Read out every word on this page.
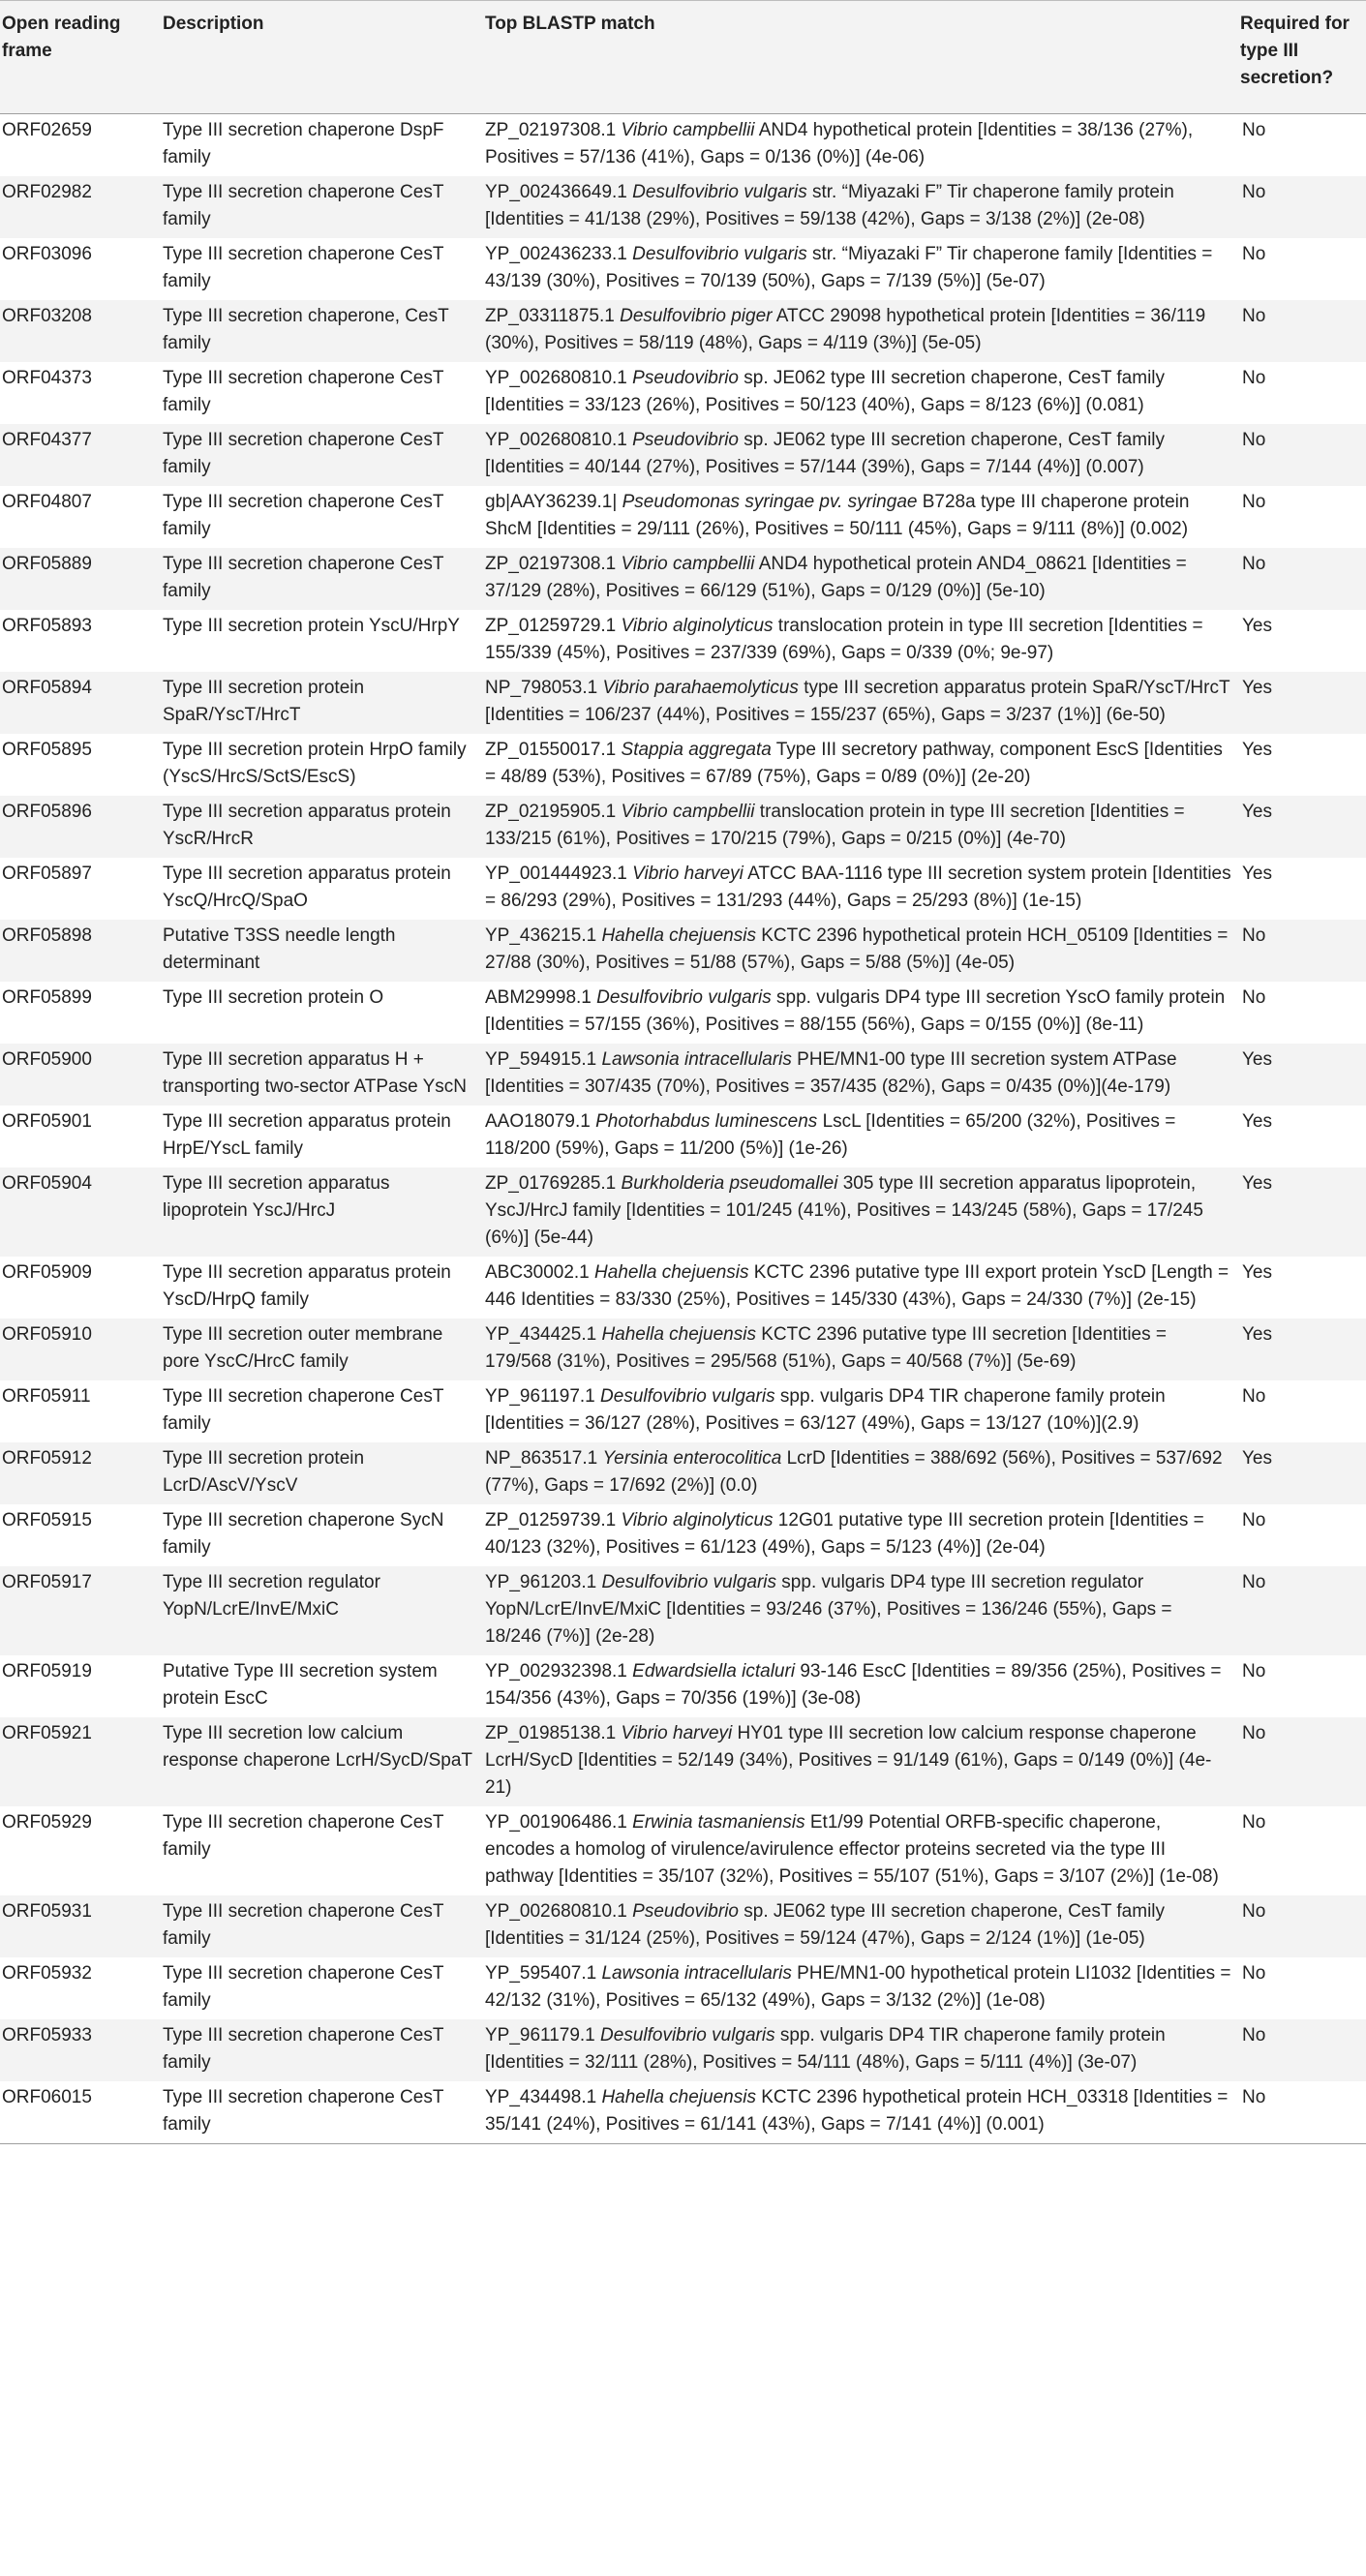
Open reading frame	Description	Top BLASTP match	Required for type III secretion?
ORF02659	Type III secretion chaperone DspF family	ZP_02197308.1 Vibrio campbellii AND4 hypothetical protein [Identities = 38/136 (27%), Positives = 57/136 (41%), Gaps = 0/136 (0%)] (4e-06)	No
ORF02982	Type III secretion chaperone CesT family	YP_002436649.1 Desulfovibrio vulgaris str. “Miyazaki F” Tir chaperone family protein [Identities = 41/138 (29%), Positives = 59/138 (42%), Gaps = 3/138 (2%)] (2e-08)	No
ORF03096	Type III secretion chaperone CesT family	YP_002436233.1 Desulfovibrio vulgaris str. “Miyazaki F” Tir chaperone family [Identities = 43/139 (30%), Positives = 70/139 (50%), Gaps = 7/139 (5%)] (5e-07)	No
ORF03208	Type III secretion chaperone, CesT family	ZP_03311875.1 Desulfovibrio piger ATCC 29098 hypothetical protein [Identities = 36/119 (30%), Positives = 58/119 (48%), Gaps = 4/119 (3%)] (5e-05)	No
ORF04373	Type III secretion chaperone CesT family	YP_002680810.1 Pseudovibrio sp. JE062 type III secretion chaperone, CesT family [Identities = 33/123 (26%), Positives = 50/123 (40%), Gaps = 8/123 (6%)] (0.081)	No
ORF04377	Type III secretion chaperone CesT family	YP_002680810.1 Pseudovibrio sp. JE062 type III secretion chaperone, CesT family [Identities = 40/144 (27%), Positives = 57/144 (39%), Gaps = 7/144 (4%)] (0.007)	No
ORF04807	Type III secretion chaperone CesT family	gb|AAY36239.1| Pseudomonas syringae pv. syringae B728a type III chaperone protein ShcM [Identities = 29/111 (26%), Positives = 50/111 (45%), Gaps = 9/111 (8%)] (0.002)	No
ORF05889	Type III secretion chaperone CesT family	ZP_02197308.1 Vibrio campbellii AND4 hypothetical protein AND4_08621 [Identities = 37/129 (28%), Positives = 66/129 (51%), Gaps = 0/129 (0%)] (5e-10)	No
ORF05893	Type III secretion protein YscU/HrpY	ZP_01259729.1 Vibrio alginolyticus translocation protein in type III secretion [Identities = 155/339 (45%), Positives = 237/339 (69%), Gaps = 0/339 (0%; 9e-97)	Yes
ORF05894	Type III secretion protein SpaR/YscT/HrcT	NP_798053.1 Vibrio parahaemolyticus type III secretion apparatus protein SpaR/YscT/HrcT [Identities = 106/237 (44%), Positives = 155/237 (65%), Gaps = 3/237 (1%)] (6e-50)	Yes
ORF05895	Type III secretion protein HrpO family (YscS/HrcS/SctS/EscS)	ZP_01550017.1 Stappia aggregata Type III secretory pathway, component EscS [Identities = 48/89 (53%), Positives = 67/89 (75%), Gaps = 0/89 (0%)] (2e-20)	Yes
ORF05896	Type III secretion apparatus protein YscR/HrcR	ZP_02195905.1 Vibrio campbellii translocation protein in type III secretion [Identities = 133/215 (61%), Positives = 170/215 (79%), Gaps = 0/215 (0%)] (4e-70)	Yes
ORF05897	Type III secretion apparatus protein YscQ/HrcQ/SpaO	YP_001444923.1 Vibrio harveyi ATCC BAA-1116 type III secretion system protein [Identities = 86/293 (29%), Positives = 131/293 (44%), Gaps = 25/293 (8%)] (1e-15)	Yes
ORF05898	Putative T3SS needle length determinant	YP_436215.1 Hahella chejuensis KCTC 2396 hypothetical protein HCH_05109 [Identities = 27/88 (30%), Positives = 51/88 (57%), Gaps = 5/88 (5%)] (4e-05)	No
ORF05899	Type III secretion protein O	ABM29998.1 Desulfovibrio vulgaris spp. vulgaris DP4 type III secretion YscO family protein [Identities = 57/155 (36%), Positives = 88/155 (56%), Gaps = 0/155 (0%)] (8e-11)	No
ORF05900	Type III secretion apparatus H + transporting two-sector ATPase YscN	YP_594915.1 Lawsonia intracellularis PHE/MN1-00 type III secretion system ATPase [Identities = 307/435 (70%), Positives = 357/435 (82%), Gaps = 0/435 (0%)](4e-179)	Yes
ORF05901	Type III secretion apparatus protein HrpE/YscL family	AAO18079.1 Photorhabdus luminescens LscL [Identities = 65/200 (32%), Positives = 118/200 (59%), Gaps = 11/200 (5%)] (1e-26)	Yes
ORF05904	Type III secretion apparatus lipoprotein YscJ/HrcJ	ZP_01769285.1 Burkholderia pseudomallei 305 type III secretion apparatus lipoprotein, YscJ/HrcJ family [Identities = 101/245 (41%), Positives = 143/245 (58%), Gaps = 17/245 (6%)] (5e-44)	Yes
ORF05909	Type III secretion apparatus protein YscD/HrpQ family	ABC30002.1 Hahella chejuensis KCTC 2396 putative type III export protein YscD [Length = 446 Identities = 83/330 (25%), Positives = 145/330 (43%), Gaps = 24/330 (7%)] (2e-15)	Yes
ORF05910	Type III secretion outer membrane pore YscC/HrcC family	YP_434425.1 Hahella chejuensis KCTC 2396 putative type III secretion [Identities = 179/568 (31%), Positives = 295/568 (51%), Gaps = 40/568 (7%)] (5e-69)	Yes
ORF05911	Type III secretion chaperone CesT family	YP_961197.1 Desulfovibrio vulgaris spp. vulgaris DP4 TIR chaperone family protein [Identities = 36/127 (28%), Positives = 63/127 (49%), Gaps = 13/127 (10%)](2.9)	No
ORF05912	Type III secretion protein LcrD/AscV/YscV	NP_863517.1 Yersinia enterocolitica LcrD [Identities = 388/692 (56%), Positives = 537/692 (77%), Gaps = 17/692 (2%)] (0.0)	Yes
ORF05915	Type III secretion chaperone SycN family	ZP_01259739.1 Vibrio alginolyticus 12G01 putative type III secretion protein [Identities = 40/123 (32%), Positives = 61/123 (49%), Gaps = 5/123 (4%)] (2e-04)	No
ORF05917	Type III secretion regulator YopN/LcrE/InvE/MxiC	YP_961203.1 Desulfovibrio vulgaris spp. vulgaris DP4 type III secretion regulator YopN/LcrE/InvE/MxiC [Identities = 93/246 (37%), Positives = 136/246 (55%), Gaps = 18/246 (7%)] (2e-28)	No
ORF05919	Putative Type III secretion system protein EscC	YP_002932398.1 Edwardsiella ictaluri 93-146 EscC [Identities = 89/356 (25%), Positives = 154/356 (43%), Gaps = 70/356 (19%)] (3e-08)	No
ORF05921	Type III secretion low calcium response chaperone LcrH/SycD/SpaT	ZP_01985138.1 Vibrio harveyi HY01 type III secretion low calcium response chaperone LcrH/SycD [Identities = 52/149 (34%), Positives = 91/149 (61%), Gaps = 0/149 (0%)] (4e-21)	No
ORF05929	Type III secretion chaperone CesT family	YP_001906486.1 Erwinia tasmaniensis Et1/99 Potential ORFB-specific chaperone, encodes a homolog of virulence/avirulence effector proteins secreted via the type III pathway [Identities = 35/107 (32%), Positives = 55/107 (51%), Gaps = 3/107 (2%)] (1e-08)	No
ORF05931	Type III secretion chaperone CesT family	YP_002680810.1 Pseudovibrio sp. JE062 type III secretion chaperone, CesT family [Identities = 31/124 (25%), Positives = 59/124 (47%), Gaps = 2/124 (1%)] (1e-05)	No
ORF05932	Type III secretion chaperone CesT family	YP_595407.1 Lawsonia intracellularis PHE/MN1-00 hypothetical protein LI1032 [Identities = 42/132 (31%), Positives = 65/132 (49%), Gaps = 3/132 (2%)] (1e-08)	No
ORF05933	Type III secretion chaperone CesT family	YP_961179.1 Desulfovibrio vulgaris spp. vulgaris DP4 TIR chaperone family protein [Identities = 32/111 (28%), Positives = 54/111 (48%), Gaps = 5/111 (4%)] (3e-07)	No
ORF06015	Type III secretion chaperone CesT family	YP_434498.1 Hahella chejuensis KCTC 2396 hypothetical protein HCH_03318 [Identities = 35/141 (24%), Positives = 61/141 (43%), Gaps = 7/141 (4%)] (0.001)	No
